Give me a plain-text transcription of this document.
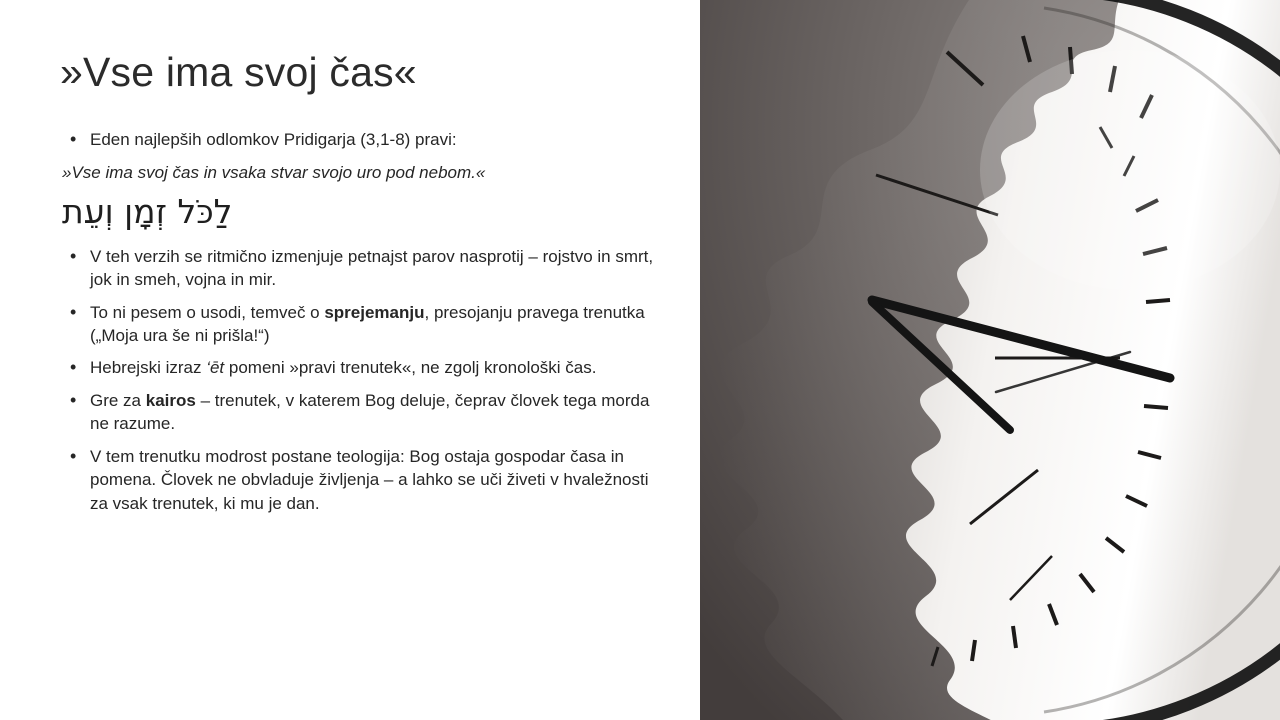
»Vse ima svoj čas«

• Eden najlepših odlomkov Pridigarja (3,1-8) pravi:

»Vse ima svoj čas in vsaka stvar svojo uro pod nebom.«

לַכֹּל זְמָן וְעֵת

• V teh verzih se ritmično izmenjuje petnajst parov nasprotij – rojstvo in smrt, jok in smeh, vojna in mir.

• To ni pesem o usodi, temveč o sprejemanju, presojanju pravega trenutka („Moja ura še ni prišla!“)

• Hebrejski izraz ‘ēt pomeni »pravi trenutek«, ne zgolj kronološki čas.

• Gre za kairos – trenutek, v katerem Bog deluje, čeprav človek tega morda ne razume.

• V tem trenutku modrost postane teologija: Bog ostaja gospodar časa in pomena. Človek ne obvladuje življenja – a lahko se uči živeti v hvaležnosti za vsak trenutek, ki mu je dan.
